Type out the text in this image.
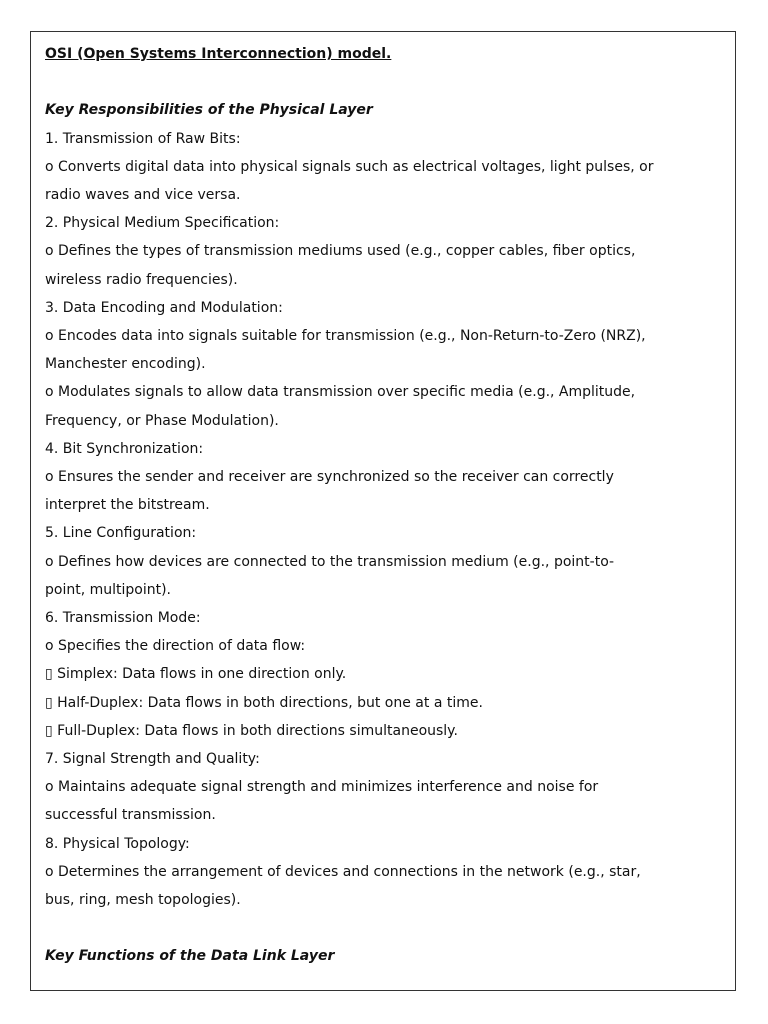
OSI (Open Systems Interconnection) model.
Key Responsibilities of the Physical Layer
1. Transmission of Raw Bits:
o Converts digital data into physical signals such as electrical voltages, light pulses, or
radio waves and vice versa.
2. Physical Medium Specification:
o Defines the types of transmission mediums used (e.g., copper cables, fiber optics,
wireless radio frequencies).
3. Data Encoding and Modulation:
o Encodes data into signals suitable for transmission (e.g., Non-Return-to-Zero (NRZ),
Manchester encoding).
o Modulates signals to allow data transmission over specific media (e.g., Amplitude,
Frequency, or Phase Modulation).
4. Bit Synchronization:
o Ensures the sender and receiver are synchronized so the receiver can correctly
interpret the bitstream.
5. Line Configuration:
o Defines how devices are connected to the transmission medium (e.g., point-to-
point, multipoint).
6. Transmission Mode:
o Specifies the direction of data flow:
▯ Simplex: Data flows in one direction only.
▯ Half-Duplex: Data flows in both directions, but one at a time.
▯ Full-Duplex: Data flows in both directions simultaneously.
7. Signal Strength and Quality:
o Maintains adequate signal strength and minimizes interference and noise for
successful transmission.
8. Physical Topology:
o Determines the arrangement of devices and connections in the network (e.g., star,
bus, ring, mesh topologies).
Key Functions of the Data Link Layer
